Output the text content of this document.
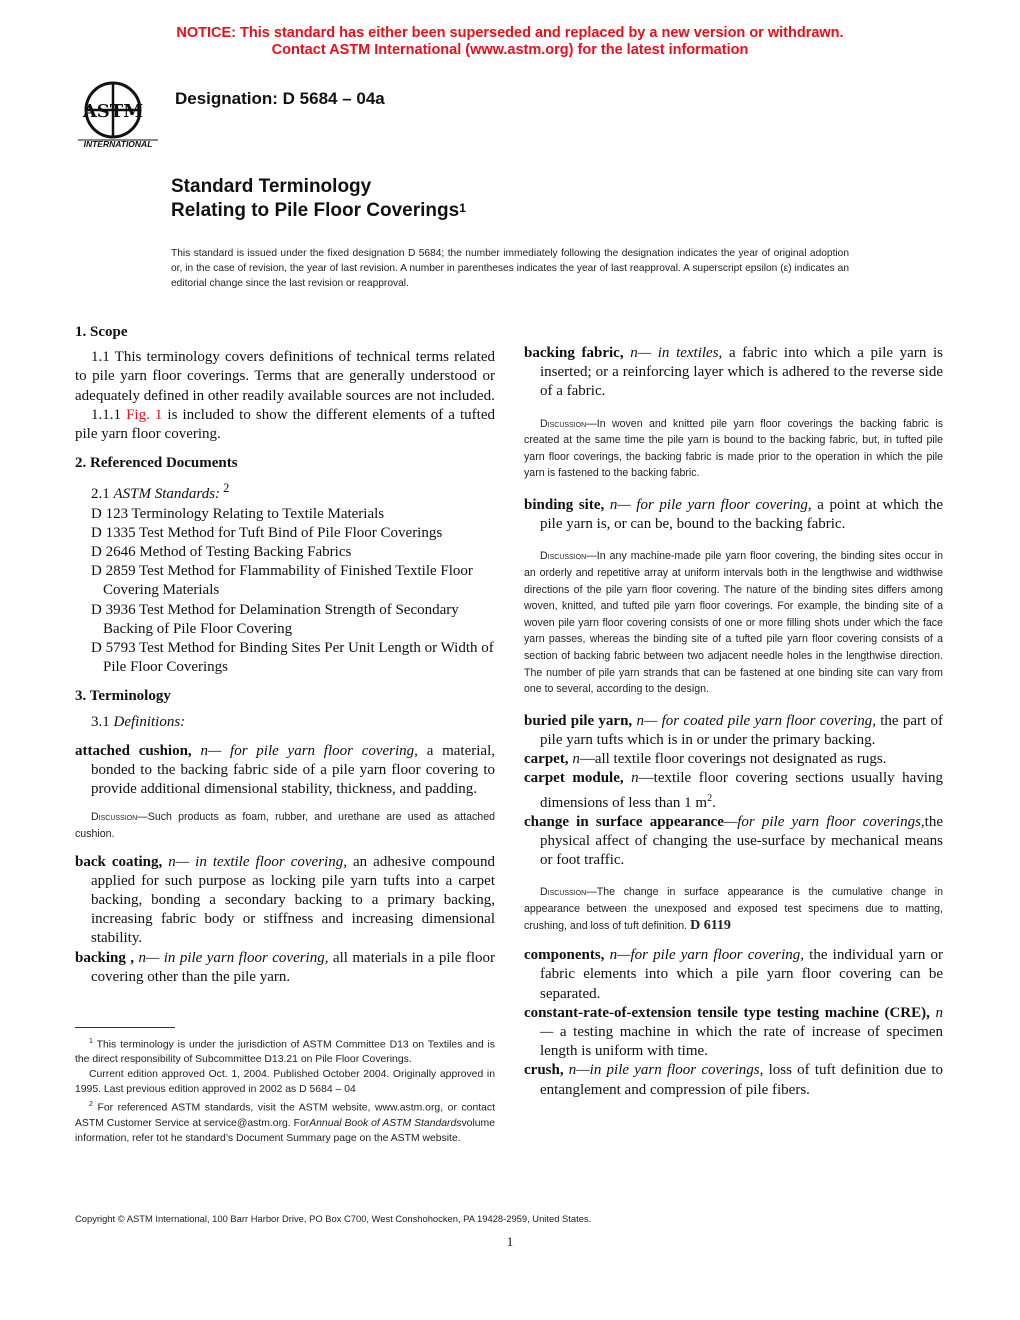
NOTICE: This standard has either been superseded and replaced by a new version or withdrawn.
Contact ASTM International (www.astm.org) for the latest information
ASTM
INTERNATIONAL
Designation: D 5684 – 04a
Standard Terminology
Relating to Pile Floor Coverings$^1$
This standard is issued under the fixed designation D 5684; the number immediately following the designation indicates the year of original adoption or, in the case of revision, the year of last revision. A number in parentheses indicates the year of last reapproval. A superscript epsilon (ε) indicates an editorial change since the last revision or reapproval.

1. Scope

1.1 This terminology covers definitions of technical terms related to pile yarn floor coverings. Terms that are generally understood or adequately defined in other readily available sources are not included.

1.1.1 Fig. 1 is included to show the different elements of a tufted pile yarn floor covering.

2. Referenced Documents

2.1 ASTM Standards: $^2$

D 123 Terminology Relating to Textile Materials

D 1335 Test Method for Tuft Bind of Pile Floor Coverings

D 2646 Method of Testing Backing Fabrics

D 2859 Test Method for Flammability of Finished Textile Floor Covering Materials

D 3936 Test Method for Delamination Strength of Secondary Backing of Pile Floor Covering

D 5793 Test Method for Binding Sites Per Unit Length or Width of Pile Floor Coverings

3. Terminology

3.1 Definitions:

attached cushion, n— for pile yarn floor covering, a material, bonded to the backing fabric side of a pile yarn floor covering to provide additional dimensional stability, thickness, and padding.

Discussion—Such products as foam, rubber, and urethane are used as attached cushion.

back coating, n— in textile floor covering, an adhesive compound applied for such purpose as locking pile yarn tufts into a carpet backing, bonding a secondary backing to a primary backing, increasing fabric body or stiffness and increasing dimensional stability.

backing , n— in pile yarn floor covering, all materials in a pile floor covering other than the pile yarn.

$^1$ This terminology is under the jurisdiction of ASTM Committee D13 on Textiles and is the direct responsibility of Subcommittee D13.21 on Pile Floor Coverings.

Current edition approved Oct. 1, 2004. Published October 2004. Originally approved in 1995. Last previous edition approved in 2002 as D 5684 – 04

$^2$ For referenced ASTM standards, visit the ASTM website, www.astm.org, or contact ASTM Customer Service at service@astm.org. ForAnnual Book of ASTM Standardsvolume information, refer tot he standard’s Document Summary page on the ASTM website.

backing fabric, n— in textiles, a fabric into which a pile yarn is inserted; or a reinforcing layer which is adhered to the reverse side of a fabric.

Discussion—In woven and knitted pile yarn floor coverings the backing fabric is created at the same time the pile yarn is bound to the backing fabric, but, in tufted pile yarn floor coverings, the backing fabric is made prior to the operation in which the pile yarn is fastened to the backing fabric.

binding site, n— for pile yarn floor covering, a point at which the pile yarn is, or can be, bound to the backing fabric.

Discussion—In any machine-made pile yarn floor covering, the binding sites occur in an orderly and repetitive array at uniform intervals both in the lengthwise and widthwise directions of the pile yarn floor covering. The nature of the binding sites differs among woven, knitted, and tufted pile yarn floor coverings. For example, the binding site of a woven pile yarn floor covering consists of one or more filling shots under which the face yarn passes, whereas the binding site of a tufted pile yarn floor covering consists of a section of backing fabric between two adjacent needle holes in the lengthwise direction. The number of pile yarn strands that can be fastened at one binding site can vary from one to several, according to the design.

buried pile yarn, n— for coated pile yarn floor covering, the part of pile yarn tufts which is in or under the primary backing.

carpet, n—all textile floor coverings not designated as rugs.

carpet module, n—textile floor covering sections usually having dimensions of less than 1 $m^2$.

change in surface appearance—for pile yarn floor coverings,the physical affect of changing the use-surface by mechanical means or foot traffic.

Discussion—The change in surface appearance is the cumulative change in appearance between the unexposed and exposed test specimens due to matting, crushing, and loss of tuft definition. D 6119

components, n—for pile yarn floor covering, the individual yarn or fabric elements into which a pile yarn floor covering can be separated.

constant-rate-of-extension tensile type testing machine (CRE), n— a testing machine in which the rate of increase of specimen length is uniform with time.

crush, n—in pile yarn floor coverings, loss of tuft definition due to entanglement and compression of pile fibers.

Copyright © ASTM International, 100 Barr Harbor Drive, PO Box C700, West Conshohocken, PA 19428-2959, United States.
1
